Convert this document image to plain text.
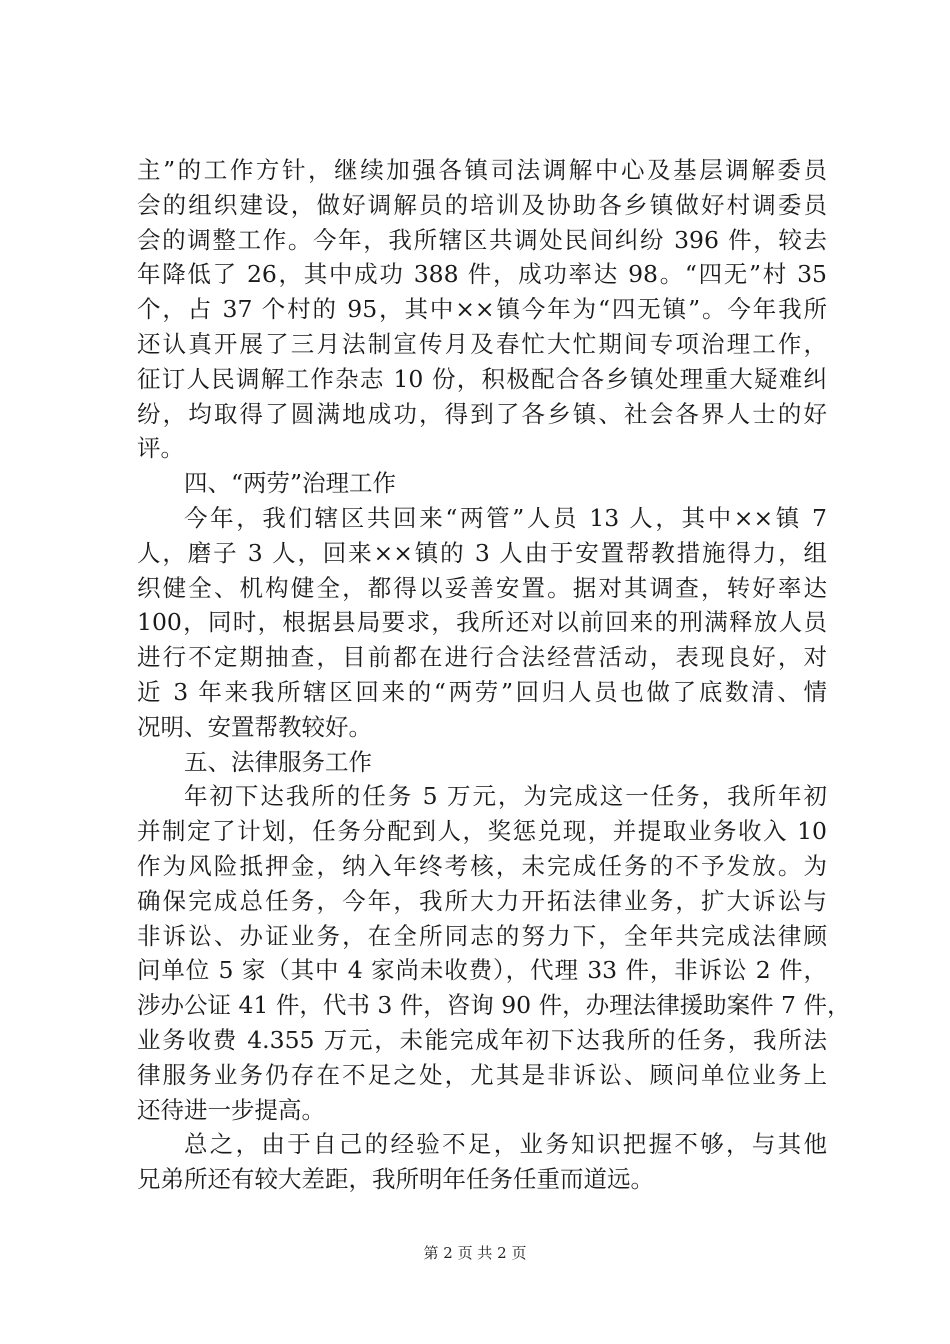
主”的工作方针，继续加强各镇司法调解中心及基层调解委员
会的组织建设，做好调解员的培训及协助各乡镇做好村调委员
会的调整工作。今年，我所辖区共调处民间纠纷 396 件，较去
年降低了 26，其中成功 388 件，成功率达 98。“四无”村 35
个，占 37 个村的 95，其中××镇今年为“四无镇”。今年我所
还认真开展了三月法制宣传月及春忙大忙期间专项治理工作，
征订人民调解工作杂志 10 份，积极配合各乡镇处理重大疑难纠
纷，均取得了圆满地成功，得到了各乡镇、社会各界人士的好
评。
四、“两劳”治理工作
今年，我们辖区共回来“两管”人员 13 人，其中××镇 7
人，磨子 3 人，回来××镇的 3 人由于安置帮教措施得力，组
织健全、机构健全，都得以妥善安置。据对其调查，转好率达
100，同时，根据县局要求，我所还对以前回来的刑满释放人员
进行不定期抽查，目前都在进行合法经营活动，表现良好，对
近 3 年来我所辖区回来的“两劳”回归人员也做了底数清、情
况明、安置帮教较好。
五、法律服务工作
年初下达我所的任务 5 万元，为完成这一任务，我所年初
并制定了计划，任务分配到人，奖惩兑现，并提取业务收入 10
作为风险抵押金，纳入年终考核，未完成任务的不予发放。为
确保完成总任务，今年，我所大力开拓法律业务，扩大诉讼与
非诉讼、办证业务，在全所同志的努力下，全年共完成法律顾
问单位 5 家（其中 4 家尚未收费），代理 33 件，非诉讼 2 件，
涉办公证 41 件，代书 3 件，咨询 90 件，办理法律援助案件 7 件，
业务收费 4.355 万元，未能完成年初下达我所的任务，我所法
律服务业务仍存在不足之处，尤其是非诉讼、顾问单位业务上
还待进一步提高。
总之，由于自己的经验不足，业务知识把握不够，与其他
兄弟所还有较大差距，我所明年任务任重而道远。
第 2 页 共 2 页
